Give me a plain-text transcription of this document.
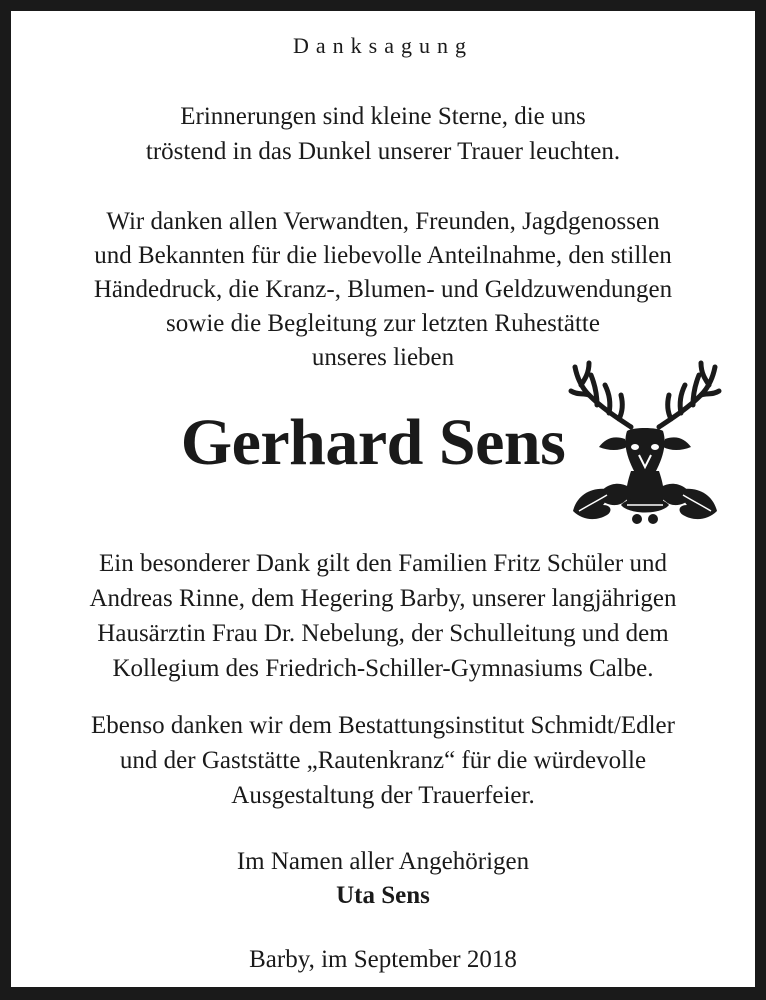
Danksagung
Erinnerungen sind kleine Sterne, die uns
tröstend in das Dunkel unserer Trauer leuchten.
Wir danken allen Verwandten, Freunden, Jagdgenossen
und Bekannten für die liebevolle Anteilnahme, den stillen
Händedruck, die Kranz-, Blumen- und Geldzuwendungen
sowie die Begleitung zur letzten Ruhestätte
unseres lieben
Gerhard Sens
Ein besonderer Dank gilt den Familien Fritz Schüler und
Andreas Rinne, dem Hegering Barby, unserer langjährigen
Hausärztin Frau Dr. Nebelung, der Schulleitung und dem
Kollegium des Friedrich-Schiller-Gymnasiums Calbe.
Ebenso danken wir dem Bestattungsinstitut Schmidt/Edler
und der Gaststätte „Rautenkranz“ für die würdevolle
Ausgestaltung der Trauerfeier.
Im Namen aller Angehörigen
Uta Sens
Barby, im September 2018
